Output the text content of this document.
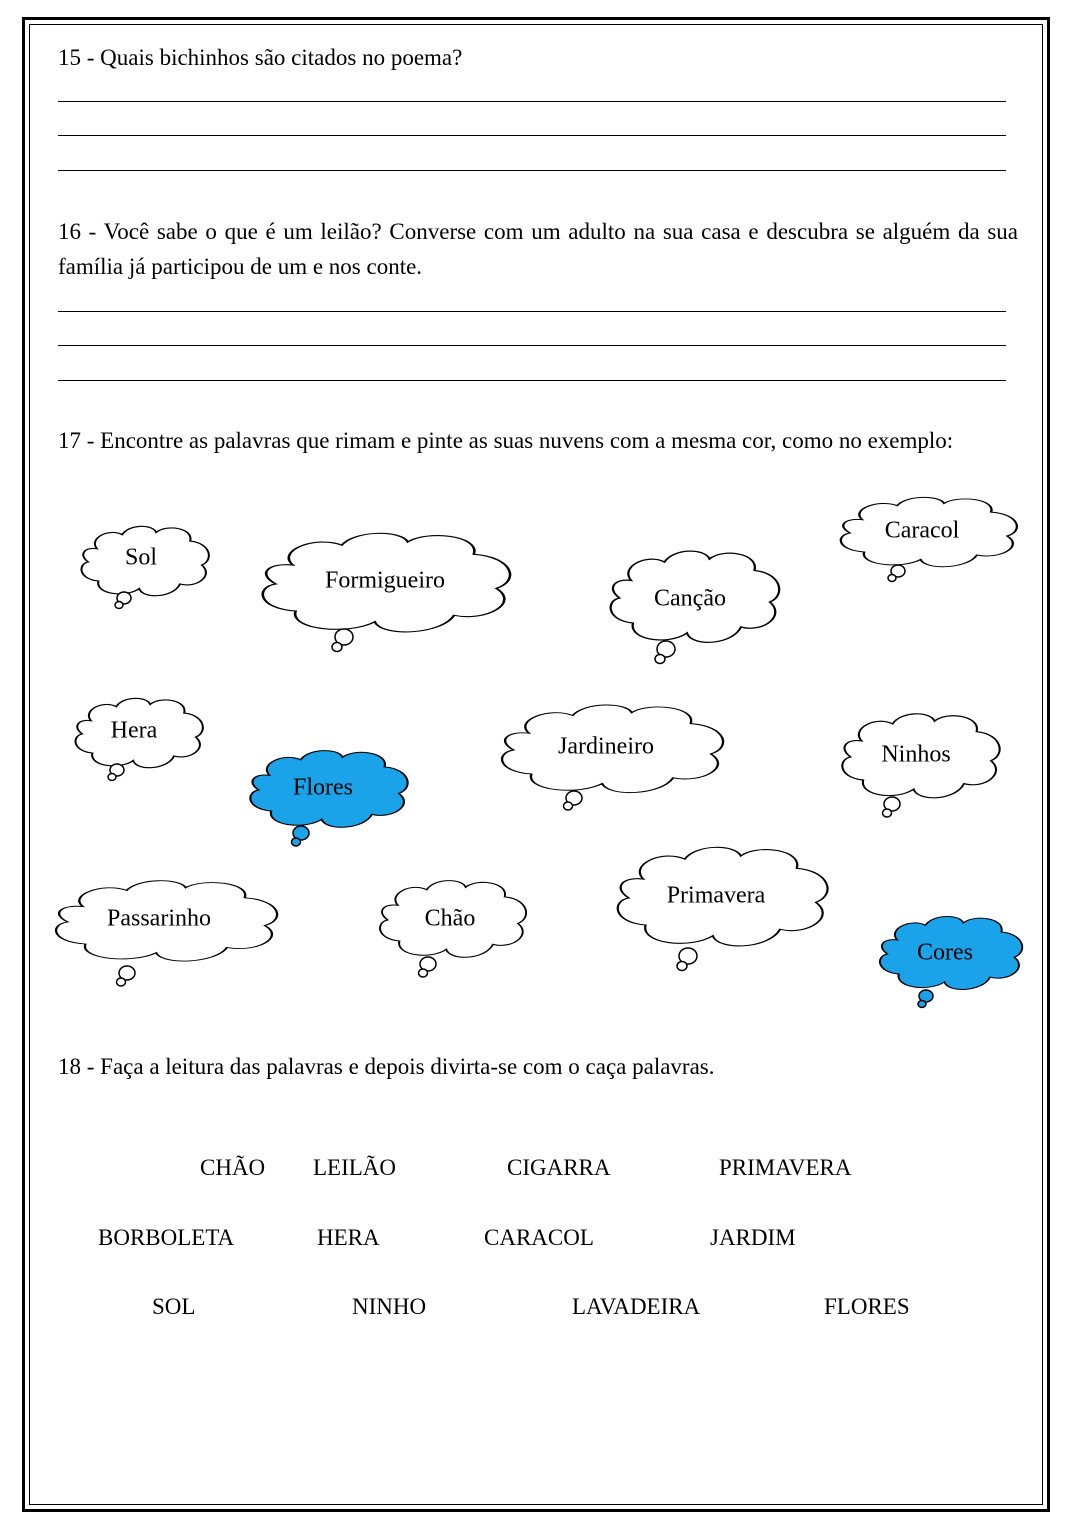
15 - Quais bichinhos são citados no poema?
16 - Você sabe o que é um leilão? Converse com um adulto na sua casa e descubra se alguém da sua família já participou de um e nos conte.
17 - Encontre as palavras que rimam e pinte as suas nuvens com a mesma cor, como no exemplo:
Sol
Formigueiro
Canção
Caracol
Hera
Flores
Jardineiro	Ninhos
Passarinho	Chão
Primavera
Cores
18 - Faça a leitura das palavras e depois divirta-se com o caça palavras.
CHÃO LEILÃO	CIGARRA	PRIMAVERA
BORBOLETA	HERA	CARACOL	JARDIM
SOL	NINHO	LAVADEIRA	FLORES
